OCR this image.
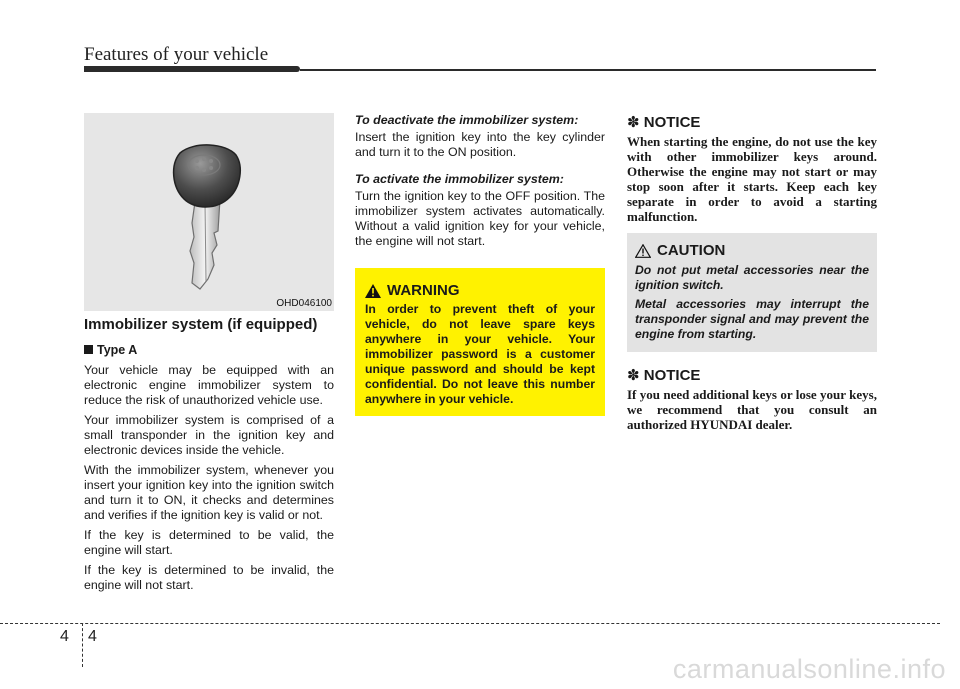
Features of your vehicle
OHD046100
Immobilizer system (if equipped)
Type A

Your vehicle may be equipped with an electronic engine immobilizer system to reduce the risk of unauthorized vehicle use.

Your immobilizer system is comprised of a small transponder in the ignition key and electronic devices inside the vehicle.

With the immobilizer system, whenever you insert your ignition key into the ignition switch and turn it to ON, it checks and determines and verifies if the ignition key is valid or not.

If the key is determined to be valid, the engine will start.

If the key is determined to be invalid, the engine will not start.

To deactivate the immobilizer system:

Insert the ignition key into the key cylinder and turn it to the ON position.

To activate the immobilizer system:

Turn the ignition key to the OFF position. The immobilizer system activates automatically. Without a valid ignition key for your vehicle, the engine will not start.

WARNING

In order to prevent theft of your vehicle, do not leave spare keys anywhere in your vehicle. Your immobilizer password is a customer unique password and should be kept confidential. Do not leave this number anywhere in your vehicle.

✽ NOTICE

When starting the engine, do not use the key with other immobilizer keys around. Otherwise the engine may not start or may stop soon after it starts. Keep each key separate in order to avoid a starting malfunction.

CAUTION

Do not put metal accessories near the ignition switch.

Metal accessories may interrupt the transponder signal and may prevent the engine from starting.

✽ NOTICE

If you need additional keys or lose your keys, we recommend that you consult an authorized HYUNDAI dealer.

4 4
carmanualsonline.info
